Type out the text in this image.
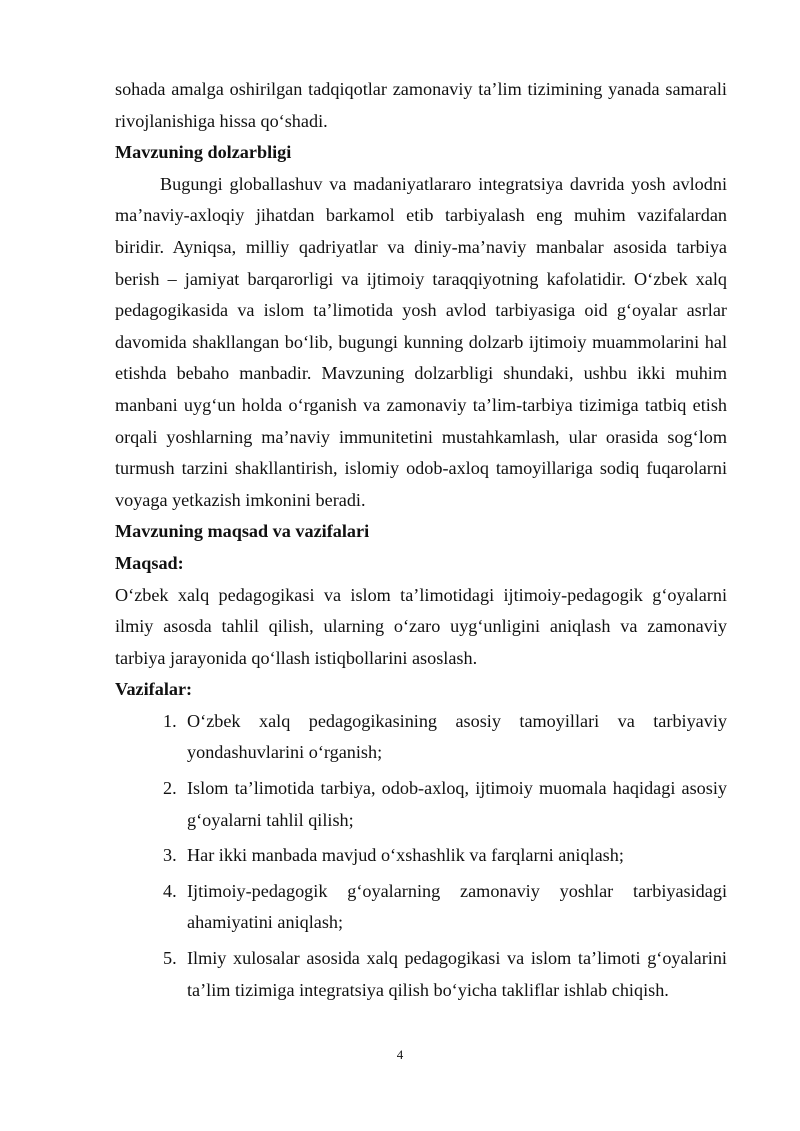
sohada amalga oshirilgan tadqiqotlar zamonaviy ta’lim tizimining yanada samarali rivojlanishiga hissa qo‘shadi.

Mavzuning dolzarbligi

Bugungi globallashuv va madaniyatlararo integratsiya davrida yosh avlodni ma’naviy-axloqiy jihatdan barkamol etib tarbiyalash eng muhim vazifalardan biridir. Ayniqsa, milliy qadriyatlar va diniy-ma’naviy manbalar asosida tarbiya berish – jamiyat barqarorligi va ijtimoiy taraqqiyotning kafolatidir. O‘zbek xalq pedagogikasida va islom ta’limotida yosh avlod tarbiyasiga oid g‘oyalar asrlar davomida shakllangan bo‘lib, bugungi kunning dolzarb ijtimoiy muammolarini hal etishda bebaho manbadir. Mavzuning dolzarbligi shundaki, ushbu ikki muhim manbani uyg‘un holda o‘rganish va zamonaviy ta’lim-tarbiya tizimiga tatbiq etish orqali yoshlarning ma’naviy immunitetini mustahkamlash, ular orasida sog‘lom turmush tarzini shakllantirish, islomiy odob-axloq tamoyillariga sodiq fuqarolarni voyaga yetkazish imkonini beradi.

Mavzuning maqsad va vazifalari

Maqsad:

O‘zbek xalq pedagogikasi va islom ta’limotidagi ijtimoiy-pedagogik g‘oyalarni ilmiy asosda tahlil qilish, ularning o‘zaro uyg‘unligini aniqlash va zamonaviy tarbiya jarayonida qo‘llash istiqbollarini asoslash.

Vazifalar:

1. O‘zbek xalq pedagogikasining asosiy tamoyillari va tarbiyaviy yondashuvlarini o‘rganish;
2. Islom ta’limotida tarbiya, odob-axloq, ijtimoiy muomala haqidagi asosiy g‘oyalarni tahlil qilish;
3. Har ikki manbada mavjud o‘xshashlik va farqlarni aniqlash;
4. Ijtimoiy-pedagogik g‘oyalarning zamonaviy yoshlar tarbiyasidagi ahamiyatini aniqlash;
5. Ilmiy xulosalar asosida xalq pedagogikasi va islom ta’limoti g‘oyalarini ta’lim tizimiga integratsiya qilish bo‘yicha takliflar ishlab chiqish.
4
